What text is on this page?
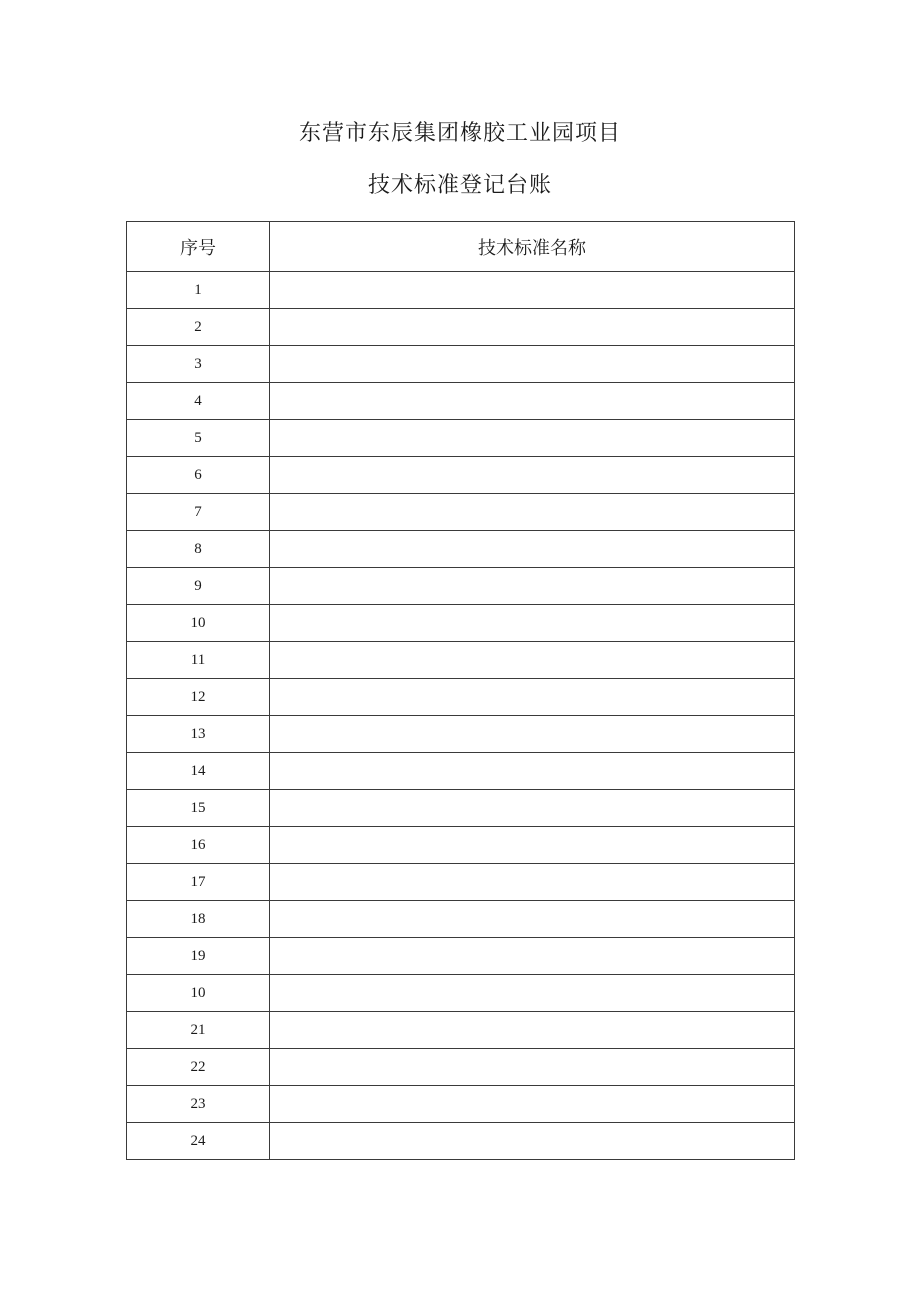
东营市东辰集团橡胶工业园项目
技术标准登记台账
序号	技术标准名称
1	
2	
3	
4	
5	
6	
7	
8	
9	
10	
11	
12	
13	
14	
15	
16	
17	
18	
19	
10	
21	
22	
23	
24	
